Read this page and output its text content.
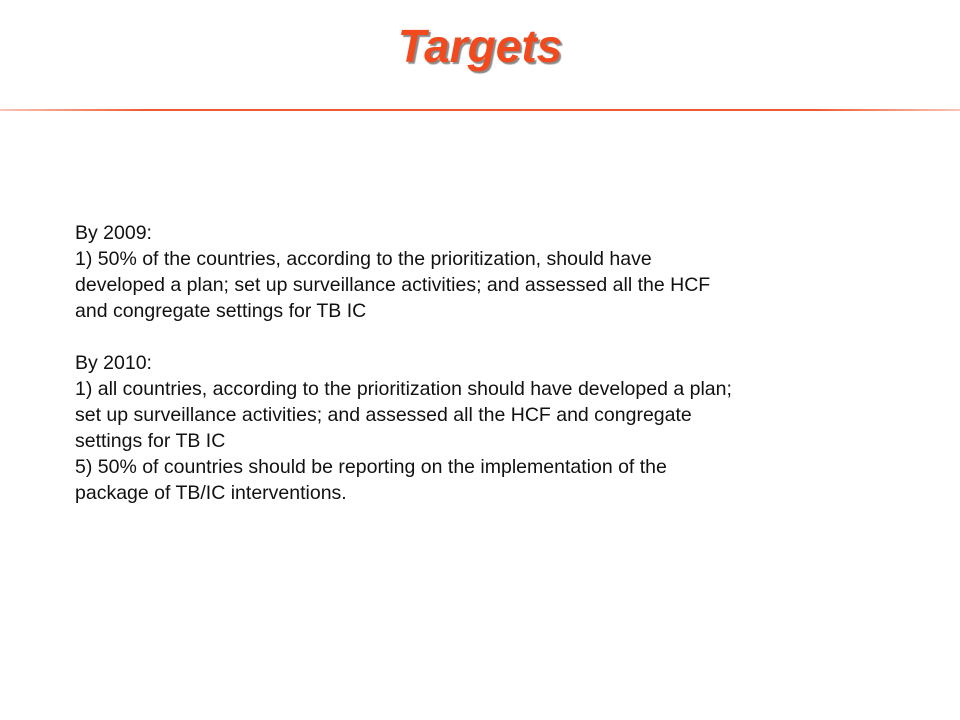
Targets
By 2009:
1) 50% of the countries, according to the prioritization, should have
developed a plan; set up surveillance activities; and assessed all the HCF
and congregate settings for TB IC
By 2010:
1) all countries, according to the prioritization should have developed a plan;
set up surveillance activities; and assessed all the HCF and congregate
settings for TB IC
5) 50% of countries should be reporting on the implementation of the
package of TB/IC interventions.
